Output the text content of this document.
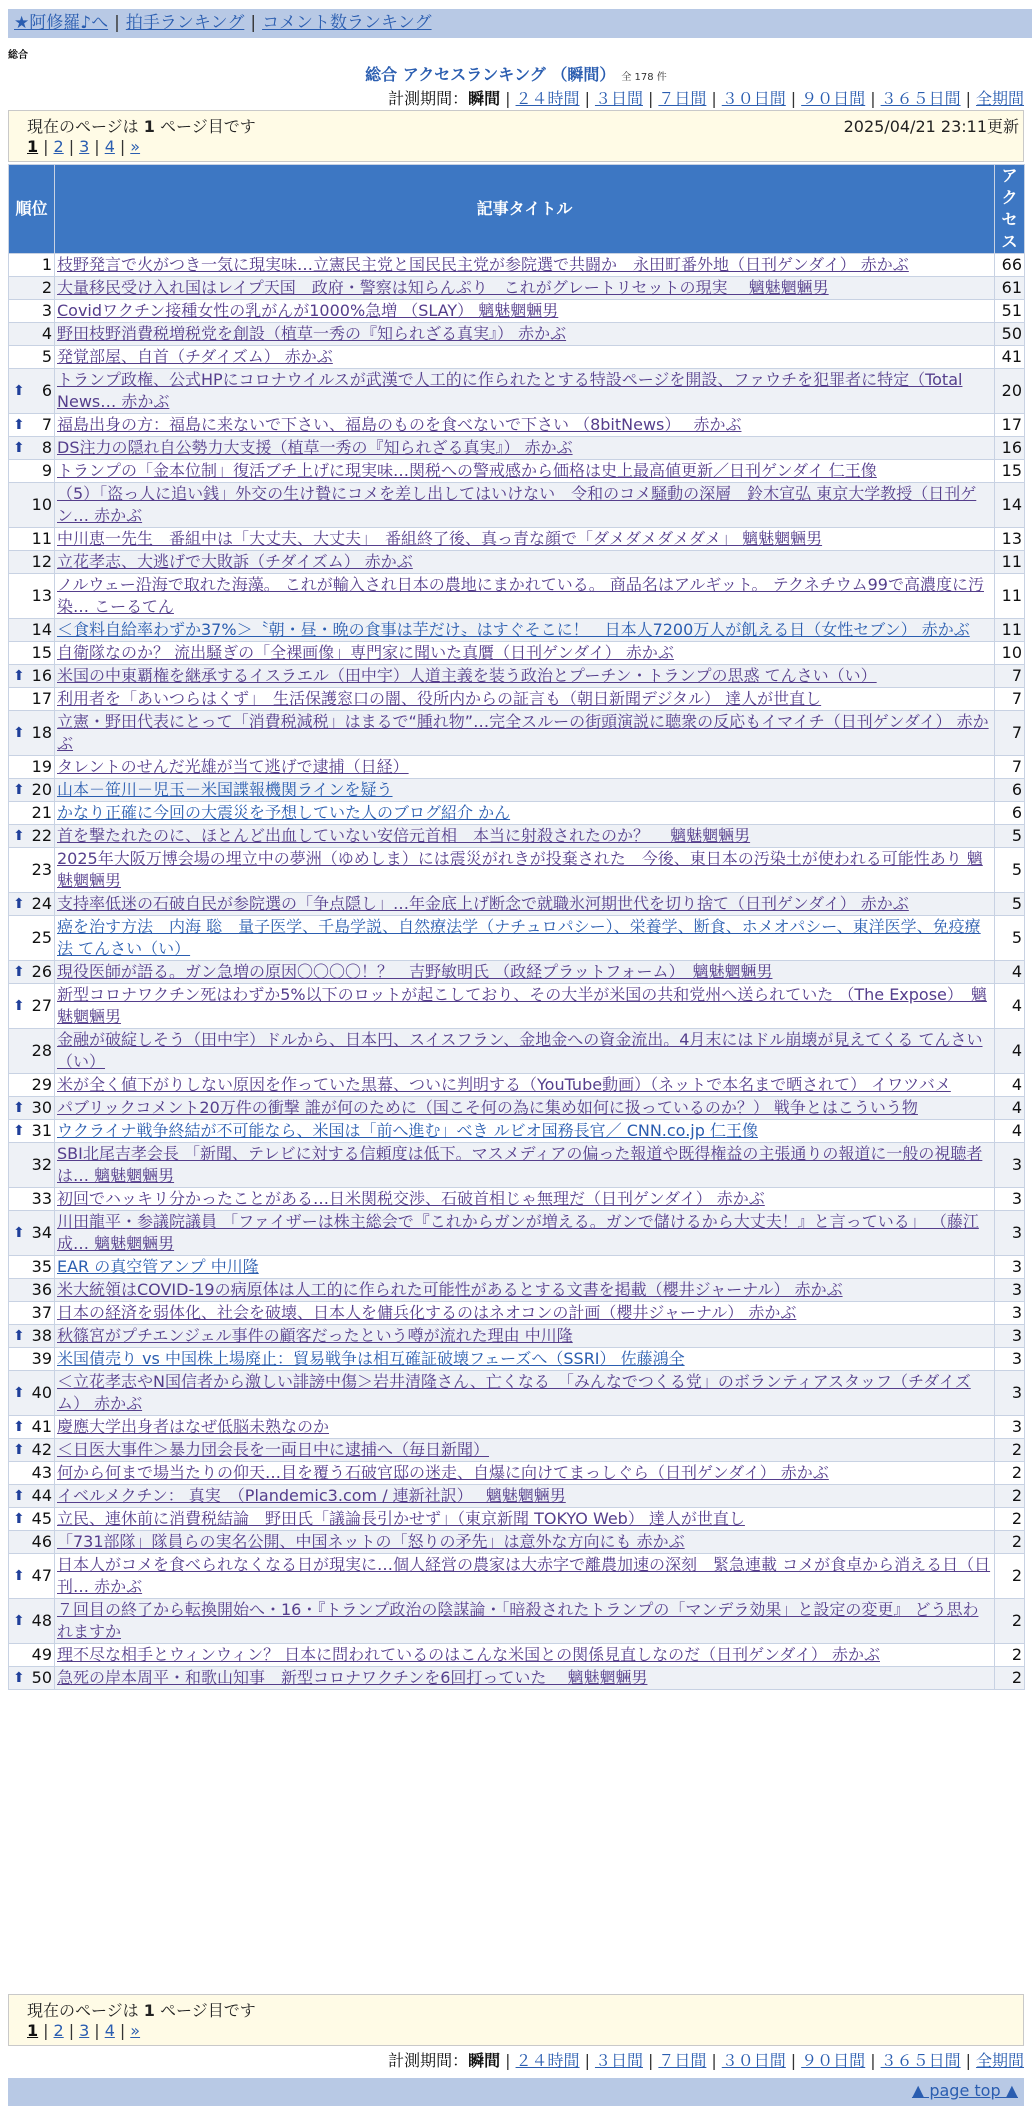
★阿修羅♪へ | 拍手ランキング | コメント数ランキング
総合
総合 アクセスランキング （瞬間） 全 178 件
計測期間：瞬間 | ２４時間 | ３日間 | ７日間 | ３０日間 | ９０日間 | ３６５日間 | 全期間
現在のページは 1 ページ目です	2025/04/21 23:11更新
1 | 2 | 3 | 4 | »
順位	記事タイトル	アクセス
1	枝野発言で火がつき一気に現実味…立憲民主党と国民民主党が参院選で共闘か　永田町番外地（日刊ゲンダイ） 赤かぶ	66
2	大量移民受け入れ国はレイプ天国　政府・警察は知らんぷり　これがグレートリセットの現実　 魑魅魍魎男	61
3	Covidワクチン接種女性の乳がんが1000%急増 （SLAY） 魑魅魍魎男	51
4	野田枝野消費税増税党を創設（植草一秀の『知られざる真実』） 赤かぶ	50
5	発覚部屋、自首（チダイズム） 赤かぶ	41

⬆ 6	トランプ政権、公式HPにコロナウイルスが武漢で人工的に作られたとする特設ページを開設、ファウチを犯罪者に特定（Total News… 赤かぶ	20

⬆ 7	福島出身の方：福島に来ないで下さい、福島のものを食べないで下さい （8bitNews）　 赤かぶ	17

⬆ 8	DS注力の隠れ自公勢力大支援（植草一秀の『知られざる真実』） 赤かぶ	16
9	トランプの「金本位制」復活ブチ上げに現実味…関税への警戒感から価格は史上最高値更新／日刊ゲンダイ 仁王像	15
10	（5）「盗っ人に追い銭」外交の生け贄にコメを差し出してはいけない　令和のコメ騒動の深層　鈴木宣弘 東京大学教授（日刊ゲン… 赤かぶ	14
11	中川恵一先生　番組中は「大丈夫、大丈夫」　番組終了後、真っ青な顔で「ダメダメダメダメ」 魑魅魍魎男	13
12	立花孝志、大逃げで大敗訴（チダイズム） 赤かぶ	11
13	ノルウェー沿海で取れた海藻。 これが輸入され日本の農地にまかれている。 商品名はアルギット。 テクネチウム99で高濃度に汚染… こーるてん	11
14	＜食料自給率わずか37%＞〝朝・昼・晩の食事は芋だけ〟はすぐそこに！　日本人7200万人が飢える日（女性セブン） 赤かぶ	11
15	自衛隊なのか？ 流出騒ぎの「全裸画像」専門家に聞いた真贋（日刊ゲンダイ） 赤かぶ	10

⬆ 16	米国の中東覇権を継承するイスラエル（田中宇）人道主義を装う政治とプーチン・トランプの思惑 てんさい（い）	7
17	利用者を「あいつらはくず」　生活保護窓口の闇、役所内からの証言も（朝日新聞デジタル） 達人が世直し	7

⬆ 18	立憲・野田代表にとって「消費税減税」はまるで“腫れ物”…完全スルーの街頭演説に聴衆の反応もイマイチ（日刊ゲンダイ） 赤かぶ	7
19	タレントのせんだ光雄が当て逃げで逮捕（日経）	7

⬆ 20	山本－笹川－児玉－米国諜報機関ラインを疑う	6
21	かなり正確に今回の大震災を予想していた人のブログ紹介 かん	6

⬆ 22	首を撃たれたのに、ほとんど出血していない安倍元首相　本当に射殺されたのか？　 魑魅魍魎男	5
23	2025年大阪万博会場の埋立中の夢洲（ゆめしま）には震災がれきが投棄された　今後、東日本の汚染土が使われる可能性あり 魑魅魍魎男	5

⬆ 24	支持率低迷の石破自民が参院選の「争点隠し」…年金底上げ断念で就職氷河期世代を切り捨て（日刊ゲンダイ） 赤かぶ	5
25	癌を治す方法　内海 聡　量子医学、千島学説、自然療法学（ナチュロパシー）、栄養学、断食、ホメオパシー、東洋医学、免疫療法 てんさい（い）	5

⬆ 26	現役医師が語る。ガン急増の原因〇〇〇〇！？　吉野敏明氏 （政経プラットフォーム）　魑魅魍魎男	4

⬆ 27	新型コロナワクチン死はわずか5%以下のロットが起こしており、その大半が米国の共和党州へ送られていた （The Expose）　魑魅魍魎男	4
28	金融が破綻しそう（田中宇）ドルから、日本円、スイスフラン、金地金への資金流出。4月末にはドル崩壊が見えてくる てんさい（い）	4
29	米が全く値下がりしない原因を作っていた黒幕、ついに判明する（YouTube動画）（ネットで本名まで晒されて） イワツバメ	4

⬆ 30	パブリックコメント20万件の衝撃 誰が何のために（国こそ何の為に集め如何に扱っているのか？） 戦争とはこういう物	4

⬆ 31	ウクライナ戦争終結が不可能なら、米国は「前へ進む」べき ルビオ国務長官／ CNN.co.jp 仁王像	4
32	SBI北尾吉孝会長 「新聞、テレビに対する信頼度は低下。マスメディアの偏った報道や既得権益の主張通りの報道に一般の視聴者は… 魑魅魍魎男	3
33	初回でハッキリ分かったことがある…日米関税交渉、石破首相じゃ無理だ（日刊ゲンダイ） 赤かぶ	3

⬆ 34	川田龍平・参議院議員 「ファイザーは株主総会で『これからガンが増える。ガンで儲けるから大丈夫！』と言っている」 （藤江成… 魑魅魍魎男	3
35	EAR の真空管アンプ 中川隆	3
36	米大統領はCOVID-19の病原体は人工的に作られた可能性があるとする文書を掲載（櫻井ジャーナル） 赤かぶ	3
37	日本の経済を弱体化、社会を破壊、日本人を傭兵化するのはネオコンの計画（櫻井ジャーナル） 赤かぶ	3

⬆ 38	秋篠宮がプチエンジェル事件の顧客だったという噂が流れた理由 中川隆	3
39	米国債売り vs 中国株上場廃止：貿易戦争は相互確証破壊フェーズへ（SSRI） 佐藤鴻全	3

⬆ 40	＜立花孝志やN国信者から激しい誹謗中傷＞岩井清隆さん、亡くなる　「みんなでつくる党」のボランティアスタッフ（チダイズム） 赤かぶ	3

⬆ 41	慶應大学出身者はなぜ低脳未熟なのか	3

⬆ 42	＜日医大事件＞暴力団会長を一両日中に逮捕へ（毎日新聞）	2
43	何から何まで場当たりの仰天…目を覆う石破官邸の迷走、自爆に向けてまっしぐら（日刊ゲンダイ） 赤かぶ	2

⬆ 44	イベルメクチン： 真実　（Plandemic3.com / 連新社訳）　 魑魅魍魎男	2

⬆ 45	立民、連休前に消費税結論　野田氏「議論長引かせず」（東京新聞 TOKYO Web） 達人が世直し	2
46	「731部隊」隊員らの実名公開、中国ネットの「怒りの矛先」は意外な方向にも 赤かぶ	2

⬆ 47	日本人がコメを食べられなくなる日が現実に…個人経営の農家は大赤字で離農加速の深刻　緊急連載 コメが食卓から消える日（日刊… 赤かぶ	2

⬆ 48	７回目の終了から転換開始へ・16・『トランプ政治の陰謀論・「暗殺されたトランプの「マンデラ効果」と設定の変更』 どう思われますか	2
49	理不尽な相手とウィンウィン？ 日本に問われているのはこんな米国との関係見直しなのだ（日刊ゲンダイ） 赤かぶ	2

⬆ 50	急死の岸本周平・和歌山知事　新型コロナワクチンを6回打っていた　 魑魅魍魎男	2
現在のページは 1 ページ目です
1 | 2 | 3 | 4 | »
計測期間：瞬間 | ２４時間 | ３日間 | ７日間 | ３０日間 | ９０日間 | ３６５日間 | 全期間
▲ page top ▲
